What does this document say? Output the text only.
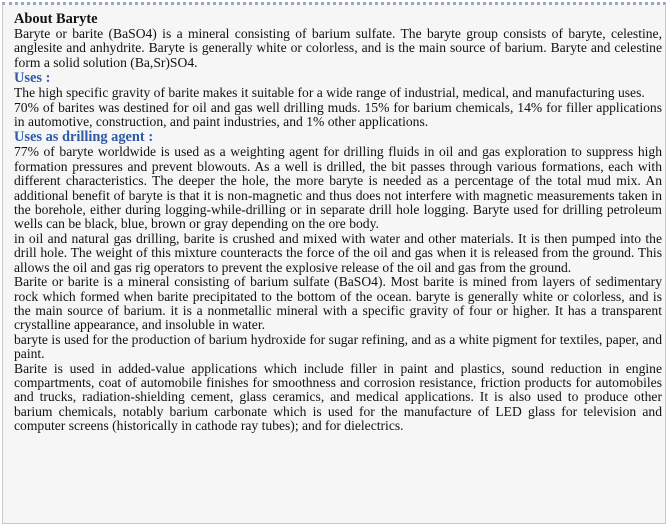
About Baryte

Baryte or barite (BaSO4) is a mineral consisting of barium sulfate. The baryte group consists of baryte, celestine, anglesite and anhydrite. Baryte is generally white or colorless, and is the main source of barium. Baryte and celestine form a solid solution (Ba,Sr)SO4.

Uses :

The high specific gravity of barite makes it suitable for a wide range of industrial, medical, and manufacturing uses.

70% of barites was destined for oil and gas well drilling muds. 15% for barium chemicals, 14% for filler applications in automotive, construction, and paint industries, and 1% other applications.

Uses as drilling agent :

77% of baryte worldwide is used as a weighting agent for drilling fluids in oil and gas exploration to suppress high formation pressures and prevent blowouts. As a well is drilled, the bit passes through various formations, each with different characteristics. The deeper the hole, the more baryte is needed as a percentage of the total mud mix. An additional benefit of baryte is that it is non-magnetic and thus does not interfere with magnetic measurements taken in the borehole, either during logging-while-drilling or in separate drill hole logging. Baryte used for drilling petroleum wells can be black, blue, brown or gray depending on the ore body.

in oil and natural gas drilling, barite is crushed and mixed with water and other materials. It is then pumped into the drill hole. The weight of this mixture counteracts the force of the oil and gas when it is released from the ground. This allows the oil and gas rig operators to prevent the explosive release of the oil and gas from the ground.

Barite or barite is a mineral consisting of barium sulfate (BaSO4). Most barite is mined from layers of sedimentary rock which formed when barite precipitated to the bottom of the ocean. baryte is generally white or colorless, and is the main source of barium. it is a nonmetallic mineral with a specific gravity of four or higher. It has a transparent crystalline appearance, and insoluble in water.

baryte is used for the production of barium hydroxide for sugar refining, and as a white pigment for textiles, paper, and paint.

Barite is used in added-value applications which include filler in paint and plastics, sound reduction in engine compartments, coat of automobile finishes for smoothness and corrosion resistance, friction products for automobiles and trucks, radiation-shielding cement, glass ceramics, and medical applications. It is also used to produce other barium chemicals, notably barium carbonate which is used for the manufacture of LED glass for television and computer screens (historically in cathode ray tubes); and for dielectrics.
